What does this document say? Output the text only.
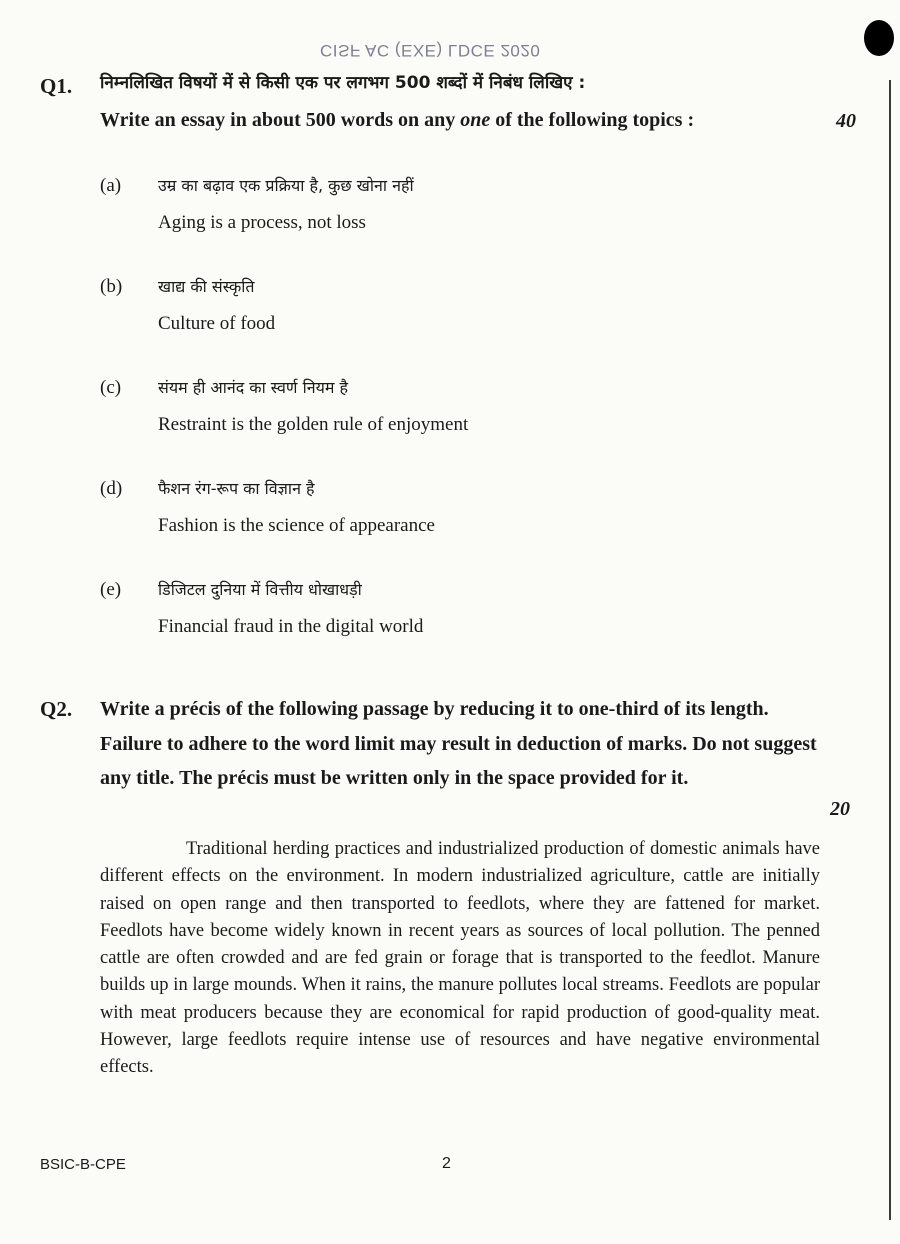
CISF AC (EXE) LDCE 2020
Q1. निम्नलिखित विषयों में से किसी एक पर लगभग 500 शब्दों में निबंध लिखिए :
Write an essay in about 500 words on any one of the following topics :	40
(a) उम्र का बढ़ाव एक प्रक्रिया है, कुछ खोना नहीं
Aging is a process, not loss
(b) खाद्य की संस्कृति
Culture of food
(c) संयम ही आनंद का स्वर्ण नियम है
Restraint is the golden rule of enjoyment
(d) फैशन रंग-रूप का विज्ञान है
Fashion is the science of appearance
(e) डिजिटल दुनिया में वित्तीय धोखाधड़ी
Financial fraud in the digital world
Q2. Write a précis of the following passage by reducing it to one-third of its length. Failure to adhere to the word limit may result in deduction of marks. Do not suggest any title. The précis must be written only in the space provided for it.
20
Traditional herding practices and industrialized production of domestic animals have different effects on the environment. In modern industrialized agriculture, cattle are initially raised on open range and then transported to feedlots, where they are fattened for market. Feedlots have become widely known in recent years as sources of local pollution. The penned cattle are often crowded and are fed grain or forage that is transported to the feedlot. Manure builds up in large mounds. When it rains, the manure pollutes local streams. Feedlots are popular with meat producers because they are economical for rapid production of good-quality meat. However, large feedlots require intense use of resources and have negative environmental effects.
BSIC-B-CPE	2
